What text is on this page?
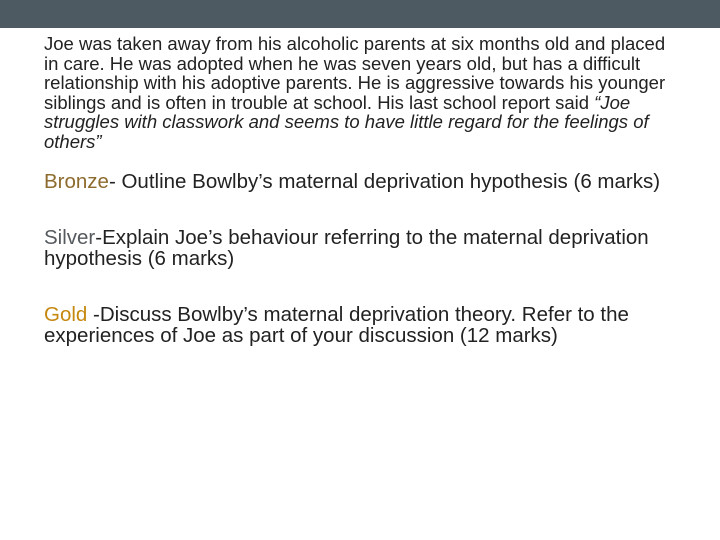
Joe was taken away from his alcoholic parents at six months old and placed in care. He was adopted when he was seven years old, but has a difficult relationship with his adoptive parents. He is aggressive towards his younger siblings and is often in trouble at school. His last school report said “Joe struggles with classwork and seems to have little regard for the feelings of others”

Bronze- Outline Bowlby’s maternal deprivation hypothesis (6 marks)

Silver-Explain Joe’s behaviour referring to the maternal deprivation hypothesis (6 marks)

Gold -Discuss Bowlby’s maternal deprivation theory. Refer to the experiences of Joe as part of your discussion (12 marks)
